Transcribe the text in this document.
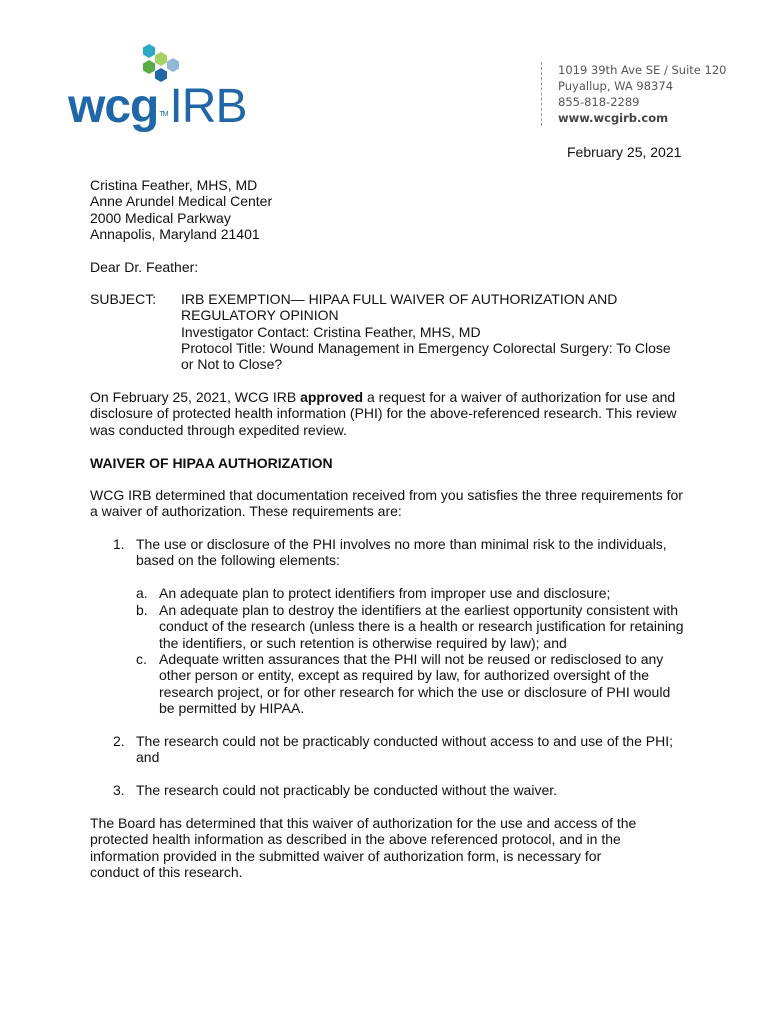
wcg™IRB
1019 39th Ave SE / Suite 120
Puyallup, WA 98374
855-818-2289
www.wcgirb.com
February 25, 2021
Cristina Feather, MHS, MD
Anne Arundel Medical Center
2000 Medical Parkway
Annapolis, Maryland 21401
Dear Dr. Feather:
SUBJECT: IRB EXEMPTION— HIPAA FULL WAIVER OF AUTHORIZATION AND
REGULATORY OPINION
Investigator Contact: Cristina Feather, MHS, MD
Protocol Title: Wound Management in Emergency Colorectal Surgery: To Close
or Not to Close?
On February 25, 2021, WCG IRB approved a request for a waiver of authorization for use and disclosure of protected health information (PHI) for the above-referenced research. This review was conducted through expedited review.
WAIVER OF HIPAA AUTHORIZATION
WCG IRB determined that documentation received from you satisfies the three requirements for a waiver of authorization. These requirements are:
1. The use or disclosure of the PHI involves no more than minimal risk to the individuals, based on the following elements:
a. An adequate plan to protect identifiers from improper use and disclosure;
b. An adequate plan to destroy the identifiers at the earliest opportunity consistent with conduct of the research (unless there is a health or research justification for retaining the identifiers, or such retention is otherwise required by law); and
c. Adequate written assurances that the PHI will not be reused or redisclosed to any other person or entity, except as required by law, for authorized oversight of the research project, or for other research for which the use or disclosure of PHI would be permitted by HIPAA.
2. The research could not be practicably conducted without access to and use of the PHI; and
3. The research could not practicably be conducted without the waiver.
The Board has determined that this waiver of authorization for the use and access of the protected health information as described in the above referenced protocol, and in the information provided in the submitted waiver of authorization form, is necessary for conduct of this research.
